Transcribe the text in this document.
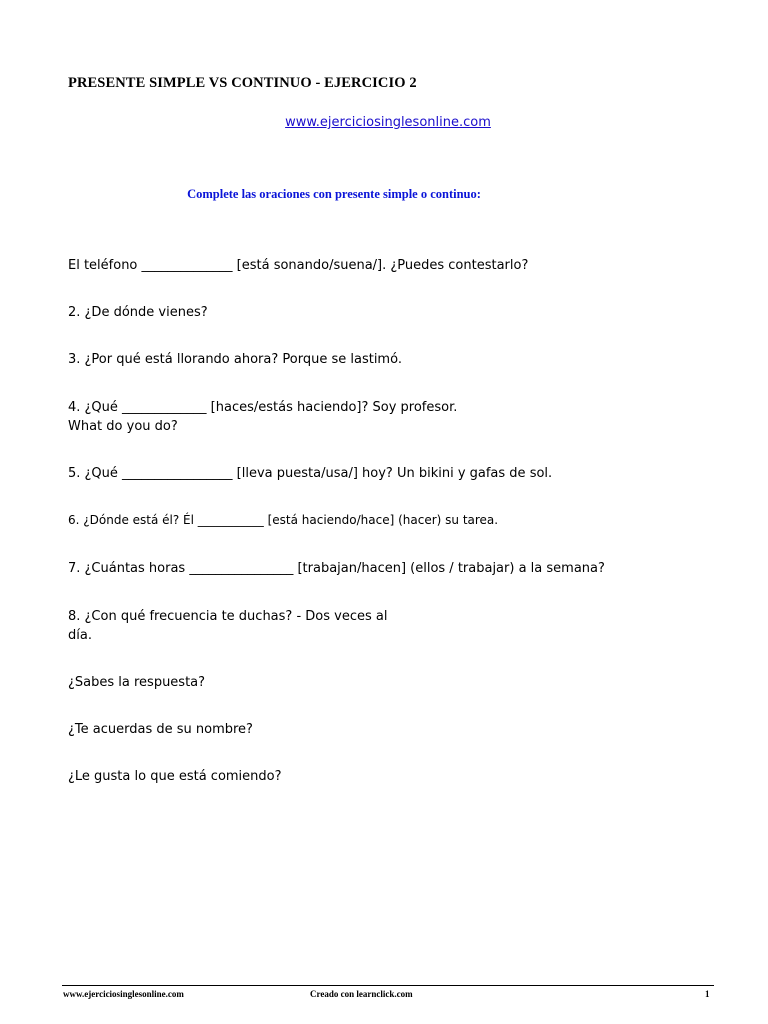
PRESENTE SIMPLE VS CONTINUO - EJERCICIO 2
www.ejerciciosinglesonline.com
Complete las oraciones con presente simple o continuo:
El teléfono ______________ [está sonando/suena/]. ¿Puedes contestarlo?
2. ¿De dónde vienes?
3. ¿Por qué está llorando ahora? Porque se lastimó.
4. ¿Qué _____________ [haces/estás haciendo]? Soy profesor.
What do you do?
5. ¿Qué _________________ [lleva puesta/usa/] hoy? Un bikini y gafas de sol.
6. ¿Dónde está él? Él ___________ [está haciendo/hace] (hacer) su tarea.
7. ¿Cuántas horas ________________ [trabajan/hacen] (ellos / trabajar) a la semana?
8. ¿Con qué frecuencia te duchas? - Dos veces al
día.
¿Sabes la respuesta?
¿Te acuerdas de su nombre?
¿Le gusta lo que está comiendo?
www.ejerciciosinglesonline.com	Creado con learnclick.com	1
